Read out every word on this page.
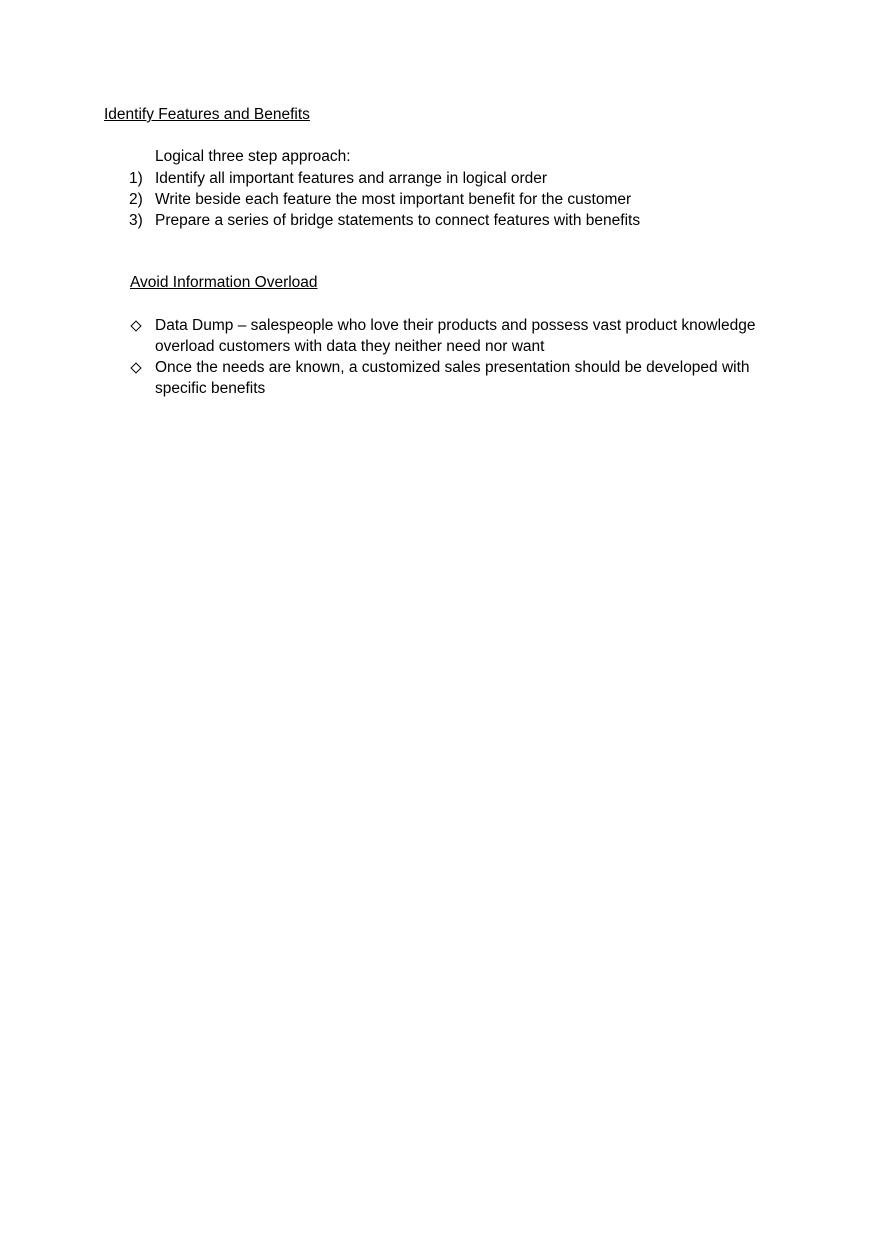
Identify Features and Benefits
Logical three step approach:
1) Identify all important features and arrange in logical order
2) Write beside each feature the most important benefit for the customer
3) Prepare a series of bridge statements to connect features with benefits
Avoid Information Overload
Data Dump – salespeople who love their products and possess vast product knowledge overload customers with data they neither need nor want
Once the needs are known, a customized sales presentation should be developed with specific benefits
